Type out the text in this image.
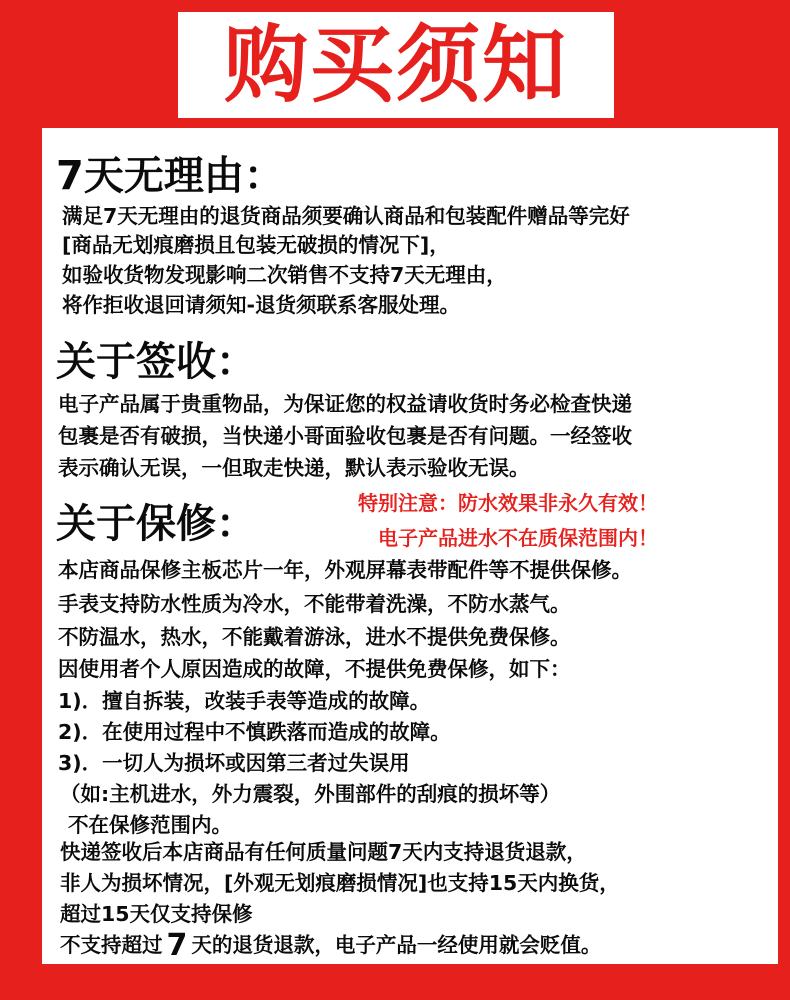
购买须知
7天无理由：
满足7天无理由的退货商品须要确认商品和包装配件赠品等完好
[商品无划痕磨损且包装无破损的情况下]，
如验收货物发现影响二次销售不支持7天无理由，
将作拒收退回请须知-退货须联系客服处理。
关于签收：
电子产品属于贵重物品，为保证您的权益请收货时务必检查快递
包裹是否有破损，当快递小哥面验收包裹是否有问题。一经签收
表示确认无误，一但取走快递，默认表示验收无误。
关于保修：	特别注意：防水效果非永久有效！
电子产品进水不在质保范围内！
本店商品保修主板芯片一年，外观屏幕表带配件等不提供保修。
手表支持防水性质为冷水，不能带着洗澡，不防水蒸气。
不防温水，热水，不能戴着游泳，进水不提供免费保修。
因使用者个人原因造成的故障，不提供免费保修，如下：
1)．擅自拆装，改装手表等造成的故障。
2)．在使用过程中不慎跌落而造成的故障。
3)．一切人为损坏或因第三者过失误用
（如:主机进水，外力震裂，外围部件的刮痕的损坏等）
不在保修范围内。
快递签收后本店商品有任何质量问题7天内支持退货退款，
非人为损坏情况，[外观无划痕磨损情况]也支持15天内换货，
超过15天仅支持保修
不支持超过 7 天的退货退款，电子产品一经使用就会贬值。
